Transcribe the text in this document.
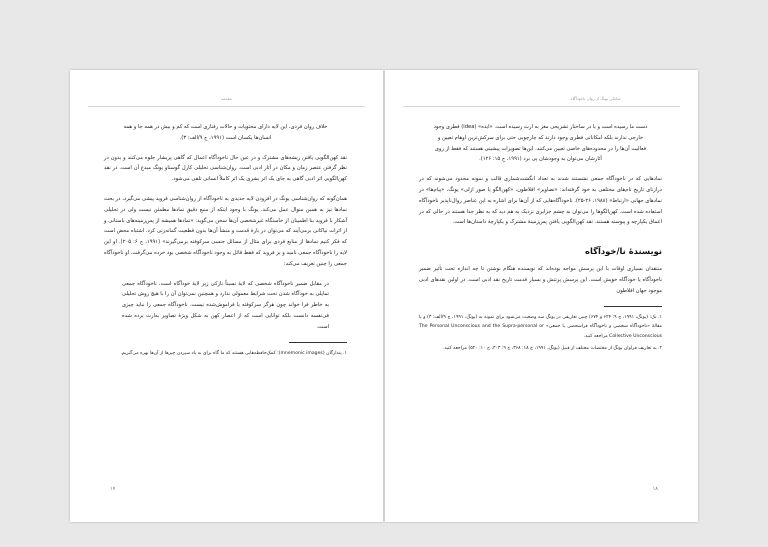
مقدمه

خلاف روان فردی، این لایه دارای محتویات و حالات رفتاری است که کم و بیش در همه جا و همه انسان‌ها یکسان است (۱۹۹۱، ج ۹/الف: ۳).

نقد کهن‌الگویی یافتن ریشه‌های مشترک و در عین حال ناخودآگاه اعمال که گاهی پریشار جلوه می‌کنند و بدون در نظر گرفتن عنصر زمان و مکان در آثار ادبی است. روان‌شناسی تحلیلی کارل گوستاو یونگ مبدع آن است. در نقد کهن‌الگویی اثر ادبی گاهی به جای یک اثر بشری یک اثر کاملاً انسانی تلقی می‌شود.

همان‌گونه که روان‌شناسی یونگ در افزودن لایه جدیدی به ناخودآگاه از روان‌شناسی فروید پیشی می‌گیرد، در بحث نمادها نیز به همین منوال عمل می‌کند. یونگ با وجود اینکه از منبع دقیق نمادها مطمئن نیست ولی در تحلیلی آشکار با فروید بنا اطمینان از خاستگاه غیرشخصی آن‌ها سخن می‌گوید: «نمادها همیشه از پس‌زمینه‌های باستانی و از اثرات نیاکانی برمی‌آیند که می‌توان در بارهٔ قدمت و منشأ آن‌ها بدون قطعیت گمانه‌زنی کرد. اشتباه محض است که فکر کنیم نمادها از منابع فردی برای مثال از مسائل جنسی سرکوفته برمی‌گیرند» (۱۹۹۱، ج ۶: ۲۰۵). او این لایه را ناخودآگاه جمعی نامید و بر فروید که فقط قائل به وجود ناخودآگاه شخصی بود خرده می‌گرفت. او ناخودآگاه جمعی را چنین تعریف می‌کند:

در مقابل ضمیر ناخودآگاه شخصی که لایهٔ نسبتاً نازکی زیر لایهٔ خودآگاه است، ناخودآگاه جمعی تمایلی به خودآگاه شدن تحت شرایط معمولی ندارد و همچنین نمی‌توان آن را با هیچ روش تحلیلی به خاطر فرا خواند چون هرگز سرکوفته یا فراموش‌شده نیست. ناخودآگاه جمعی را نباید چیزی فی‌نفسه دانست بلکه توانایی است که از اعصار کهن به شکل ویژهٔ تصاویر به‌ارث برده شده است.

۱. پندارگان (mnemonic images): کمک‌حافظه‌هایی هستند که ما گاه برای به یاد سپردن چیزها از آن‌ها بهره می‌گیریم.

۱۷
سایکی یونگ از روان ناخودآگاه

دست ما رسیده است و یا در ساختار تشریحی مغز به ارث رسیده است. «ایده» (idea) فطری وجود خارجی ندارند بلکه امکاناتی فطری وجود دارند که چارچوبی حتی برای سرکش‌ترین اوهام تعیین و فعالیت آن‌ها را در محدوده‌های خاصی تعیین می‌کنند. این‌ها تصویرات پیشینی هستند که فقط از روی آثارشان می‌توان به وجودشان پی برد (۱۹۹۱، ج ۱۵: ۱۲۶).

نمادهایی که در ناخودآگاه جمعی نشستند شدند به تعداد انگشت‌شماری قالب و نمونه محدود می‌شوند که در درازنای تاریخ نام‌های مختلفی به خود گرفته‌اند: «تصاویر» افلاطون، «کهن‌الگو یا صور ازلی» یونگ، «پیام‌ها» در نمادهای جهانی «ارتباط» (۱۹۸۸، ۲۶-۲۵). ناخودآگاه‌هایی که از آن‌ها برای اشاره به این عناصر روال‌ناپذیر ناخودآگاه استفاده شده است. کهن‌الگوها را می‌توان به چشم جزایری نزدیک به هم دید که به نظر جدا هستند در حالی که در اعماق یکپارچه و پیوسته هستند. نقد کهن‌الگویی یافتن پس‌زمینهٔ مشترک و یکپارچهٔ داستان‌ها است.

نویسندهٔ نا/خودآگاه

منتقدان بسیاری اوقات با این پرسش مواجه بوده‌اند که نویسنده هنگام نوشتن تا چه اندازه تحت تأثیر ضمیر ناخودآگاه یا خودآگاه خویش است. این پرسش پرتنش و بسیار قدمت تاریخ نقد ادبی است. در اولین نقدهای ادبی موجود جهان افلاطون

۱. نک: (یونگ، ۱۹۹۱، ج ۹: ۶۲۴ و ۶۷۴) چنین تعاریفی در یونگ سه وضعیت می‌شود برای نمونه به (یونگ، ۱۹۹۱، ج ۹/الف: ۳) و یا مقالهٔ «ناخودآگاه شخصی و ناخودآگاه فراشخصی یا جمعی» The Personal Unconscious and the Supra-personal or Collective Unconscious مراجعه کنید.

۲. به تعاریف فراوان یونگ از مختصات مختلف از قبیل (یونگ، ۱۹۹۱، ج ۱۸: ۳۶۸، ج ۹: ۳۰۳، ج ۱۰: ۵۲۰) مراجعه کنید.

۱۸
